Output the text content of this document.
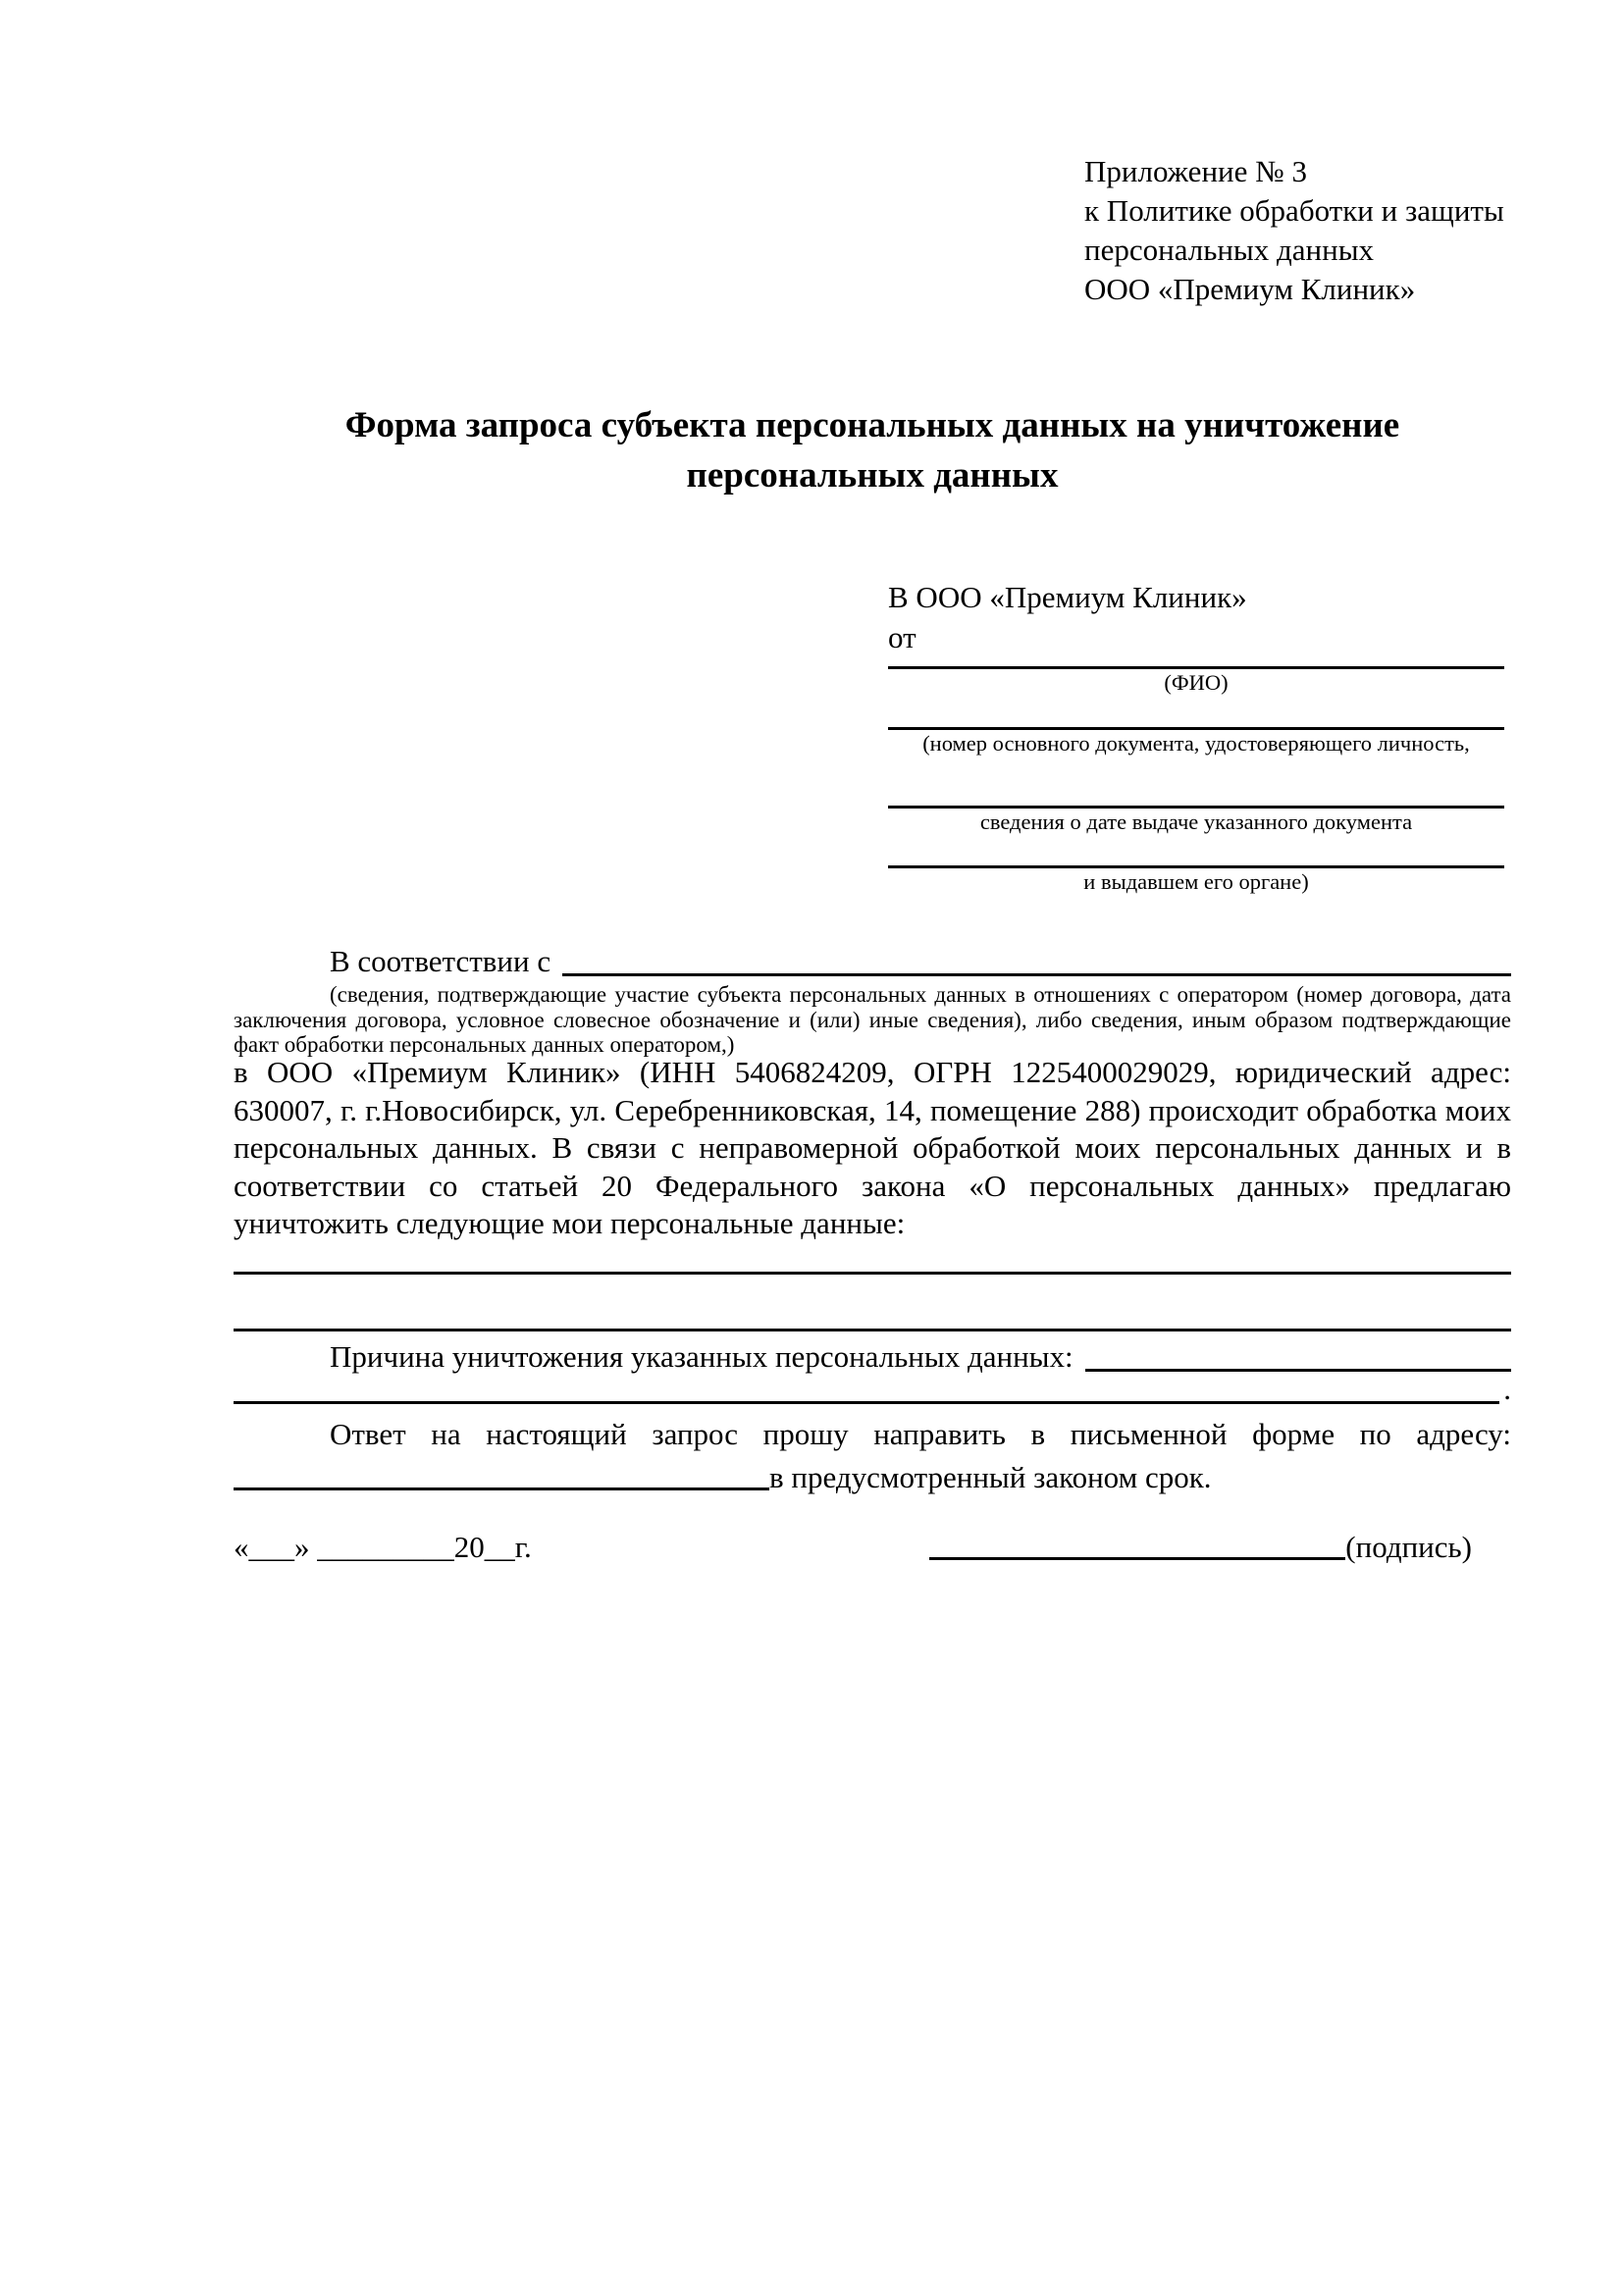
Приложение № 3
к Политике обработки и защиты
персональных данных
ООО «Премиум Клиник»
Форма запроса субъекта персональных данных на уничтожение персональных данных
В ООО «Премиум Клиник»
от
(ФИО)
(номер основного документа, удостоверяющего личность,
сведения о дате выдаче указанного документа
и выдавшем его органе)
В соответствии с
(сведения, подтверждающие участие субъекта персональных данных в отношениях с оператором (номер договора, дата заключения договора, условное словесное обозначение и (или) иные сведения), либо сведения, иным образом подтверждающие факт обработки персональных данных оператором,)
в ООО «Премиум Клиник» (ИНН 5406824209, ОГРН 1225400029029, юридический адрес: 630007, г. г.Новосибирск, ул. Серебренниковская, 14, помещение 288) происходит обработка моих персональных данных. В связи с неправомерной обработкой моих персональных данных и в соответствии со статьей 20 Федерального закона «О персональных данных» предлагаю уничтожить следующие мои персональные данные:
Причина уничтожения указанных персональных данных:
.
Ответ на настоящий запрос прошу направить в письменной форме по адресу:
в предусмотренный законом срок.
«___» _________20__г.	(подпись)
